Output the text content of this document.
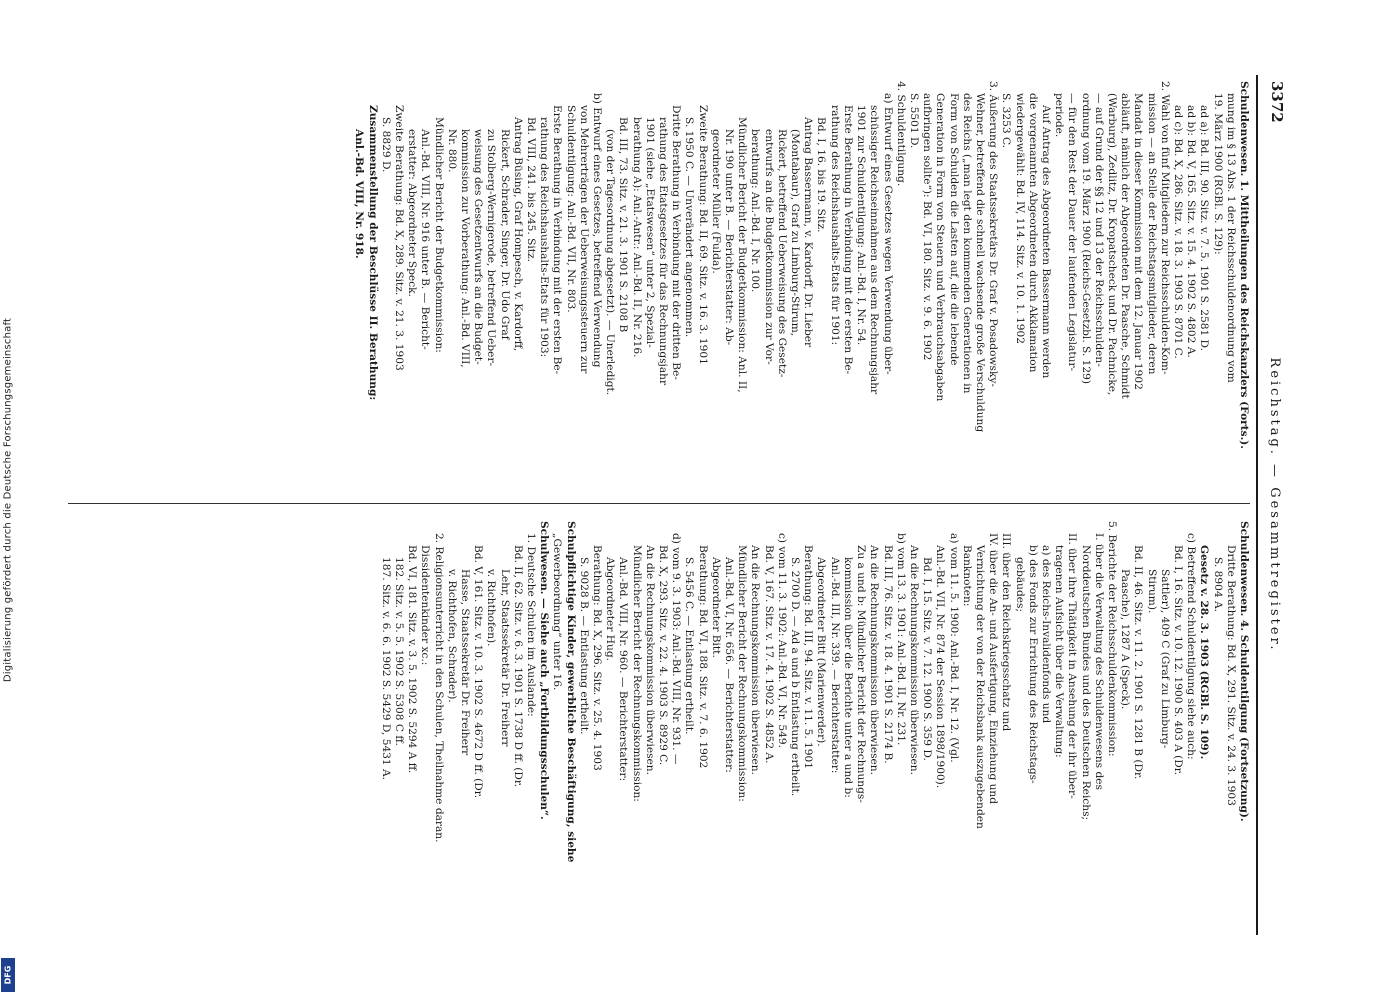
Digitalisierung gefördert durch die Deutsche Forschungsgemeinschaft
DFG
3372
Reichstag. — Gesammtregister.
Schuldenwesen. 1. Mittheilungen des Reichskanzlers (Forts.).
mung im § 13 Abs. 1 der Reichsschuldenordnung vom
19. März 1900 (RGBl. S. 129):
ad a): Bd. III, 90. Sitz. v. 7. 5. 1901 S. 2581 D.
ad b): Bd. V, 165. Sitz. v. 15. 4. 1902 S. 4802 A.
ad c): Bd. X, 286. Sitz. v. 18. 3. 1903 S. 8701 C.
2. Wahl von fünf Mitgliedern zur Reichsschulden-Kom-
mission — an Stelle der Reichstagsmitglieder, deren
Mandat in dieser Kommission mit dem 12. Januar 1902
abläuft, nämlich der Abgeordneten Dr. Paasche, Schmidt
(Warburg), Zedlitz, Dr. Kropatscheck und Dr. Pachnicke,
— auf Grund der §§ 12 und 13 der Reichsschulden-
ordnung vom 19. März 1900 (Reichs-Gesetzbl. S. 129)
— für den Rest der Dauer der laufenden Legislatur-
periode.
Auf Antrag des Abgeordneten Bassermann werden
die vorgenannten Abgeordneten durch Akklamation
wiedergewählt: Bd. IV, 114. Sitz. v. 10. 1. 1902
S. 3253 C.
3. Äußerung des Staatssekretärs Dr. Graf v. Posadowsky-
Wehner, betreffend die schnell wachsende große Verschuldung
des Reichs („man legt den kommenden Generationen in
Form von Schulden die Lasten auf, die die lebende
Generation in Form von Steuern und Verbrauchsabgaben
aufbringen sollte“): Bd. VI, 180. Sitz. v. 9. 6. 1902
S. 5501 D.
4. Schuldentilgung.
a) Entwurf eines Gesetzes wegen Verwendung über-
schüssiger Reichseinnahmen aus dem Rechnungsjahr
1901 zur Schuldentilgung: Anl.-Bd. I, Nr. 54.
Erste Berathung in Verbindung mit der ersten Be-
rathung des Reichshaushalts-Etats für 1901:
Bd. I, 16. bis 19. Sitz.
Antrag Bassermann, v. Kardorff, Dr. Lieber
(Montabaur), Graf zu Limburg-Stirum,
Rickert, betreffend Ueberweisung des Gesetz-
entwurfs an die Budgetkommission zur Vor-
berathung: Anl.-Bd. I, Nr. 100.
Mündlicher Bericht der Budgetkommission: Anl. II,
Nr. 190 unter B. — Berichterstatter: Ab-
geordneter Müller (Fulda).
Zweite Berathung: Bd. II, 69. Sitz. v. 16. 3. 1901
S. 1950 C. — Unverändert angenommen.
Dritte Berathung in Verbindung mit der dritten Be-
rathung des Etatsgesetzes für das Rechnungsjahr
1901 (siehe „Etatswesen“ unter 2, Spezial-
berathung A): Anl.-Antr.: Anl.-Bd. II, Nr. 216.
Bd. III, 73. Sitz. v. 21. 3. 1901 S. 2108 B
(von der Tagesordnung abgesetzt). — Unerledigt.
b) Entwurf eines Gesetzes, betreffend Verwendung
von Mehrerträgen der Ueberweisungssteuern zur
Schuldentilgung: Anl.-Bd. VII, Nr. 803.
Erste Berathung in Verbindung mit der ersten Be-
rathung des Reichshaushalts-Etats für 1903:
Bd. VIII, 241. bis 245. Sitz.
Antrag Büsing, Graf Hompesch, v. Kardorff,
Rickert, Schrader, Singer, Dr. Udo Graf
zu Stolberg-Wernigerode, betreffend Ueber-
weisung des Gesetzentwurfs an die Budget-
kommission zur Vorberathung: Anl.-Bd. VIII,
Nr. 880.
Mündlicher Bericht der Budgetkommission:
Anl.-Bd. VIII, Nr. 916 unter B. — Bericht-
erstatter: Abgeordneter Speck.
Zweite Berathung: Bd. X, 289. Sitz. v. 21. 3. 1903
S. 8829 D.
Zusammenstellung der Beschlüsse II. Berathung:
Anl.-Bd. VIII, Nr. 918.
Schuldenwesen. 4. Schuldentilgung (Fortsetzung).
Dritte Berathung: Bd. X, 291. Sitz. v. 24. 3. 1903
S. 8904 A.
Gesetz v. 28. 3. 1903 (RGBl. S. 109).
c) Betreffend Schuldentilgung siehe auch:
Bd. I, 16. Sitz. v. 10. 12. 1900 S. 403 A (Dr.
Sattler), 409 C (Graf zu Limburg-
Stirum).
Bd. II, 46. Sitz. v. 11. 2. 1901 S. 1281 B (Dr.
Paasche), 1287 A (Speck).
5. Berichte der Reichsschuldenkommission:
I. über die Verwaltung des Schuldenwesens des
Norddeutschen Bundes und des Deutschen Reichs;
II. über ihre Thätigkeit in Ansehung der ihr über-
tragenen Aufsicht über die Verwaltung:
a) des Reichs-Invalidenfonds und
b) des Fonds zur Errichtung des Reichstags-
gebäudes;
III. über den Reichskriegsschatz und
IV. über die An- und Ausfertigung, Einziehung und
Vernichtung der von der Reichsbank auszugebenden
Banknoten:
a) vom 11. 5. 1900: Anl.-Bd. I, Nr. 12. (Vgl.
Anl.-Bd. VII, Nr. 874 der Session 1898/1900).
Bd. I, 15. Sitz. v. 7. 12. 1900 S. 359 D.
An die Rechnungskommission überwiesen.
b) vom 13. 3. 1901: Anl.-Bd. II, Nr. 231.
Bd. III, 76. Sitz. v. 18. 4. 1901 S. 2174 B.
An die Rechnungskommission überwiesen.
Zu a und b: Mündlicher Bericht der Rechnungs-
kommission über die Berichte unter a und b:
Anl.-Bd. III, Nr. 339. — Berichterstatter:
Abgeordneter Bitt (Marienwerder).
Berathung: Bd. III, 94. Sitz. v. 11. 5. 1901
S. 2700 D. — Ad a und b Entlastung ertheilt.
c) vom 11. 3. 1902: Anl.-Bd. VI, Nr. 549.
Bd. V, 167. Sitz. v. 17. 4. 1902 S. 4852 A.
An die Rechnungskommission überwiesen.
Mündlicher Bericht der Rechnungskommission:
Anl.-Bd. VI, Nr. 656. — Berichterstatter:
Abgeordneter Bitt.
Berathung: Bd. VI, 188. Sitz. v. 7. 6. 1902
S. 5456 C. — Entlastung ertheilt.
d) vom 9. 3. 1903: Anl.-Bd. VIII, Nr. 931. —
Bd. X, 293. Sitz. v. 22. 4. 1903 S. 8929 C.
An die Rechnungskommission überwiesen.
Mündlicher Bericht der Rechnungskommission:
Anl.-Bd. VIII, Nr. 960. — Berichterstatter:
Abgeordneter Hug.
Berathung: Bd. X, 296. Sitz. v. 25. 4. 1903
S. 9028 B. — Entlastung ertheilt.
Schulpflichtige Kinder, gewerbliche Beschäftigung, siehe
„Gewerbeordnung“ unter 16.
Schulwesen. — Siehe auch „Fortbildungsschulen“.
1. Deutsche Schulen im Auslande:
Bd. II, 62. Sitz. v. 6. 3. 1901 S. 1738 D ff. (Dr.
Lehr, Staatssekretär Dr. Freiherr
v. Richthofen).
Bd. V, 161. Sitz. v. 10. 3. 1902 S. 4672 D ff. (Dr.
Hasse, Staatssekretär Dr. Freiherr
v. Richthofen, Schrader).
2. Religionsunterricht in den Schulen, Theilnahme daran.
Dissidentenkinder xc.:
Bd. VI, 181. Sitz. v. 3. 5. 1902 S. 5294 A ff.
182. Sitz. v. 5. 5. 1902 S. 5308 C ff.
187. Sitz. v. 6. 6. 1902 S. 5429 D, 5431 A.
